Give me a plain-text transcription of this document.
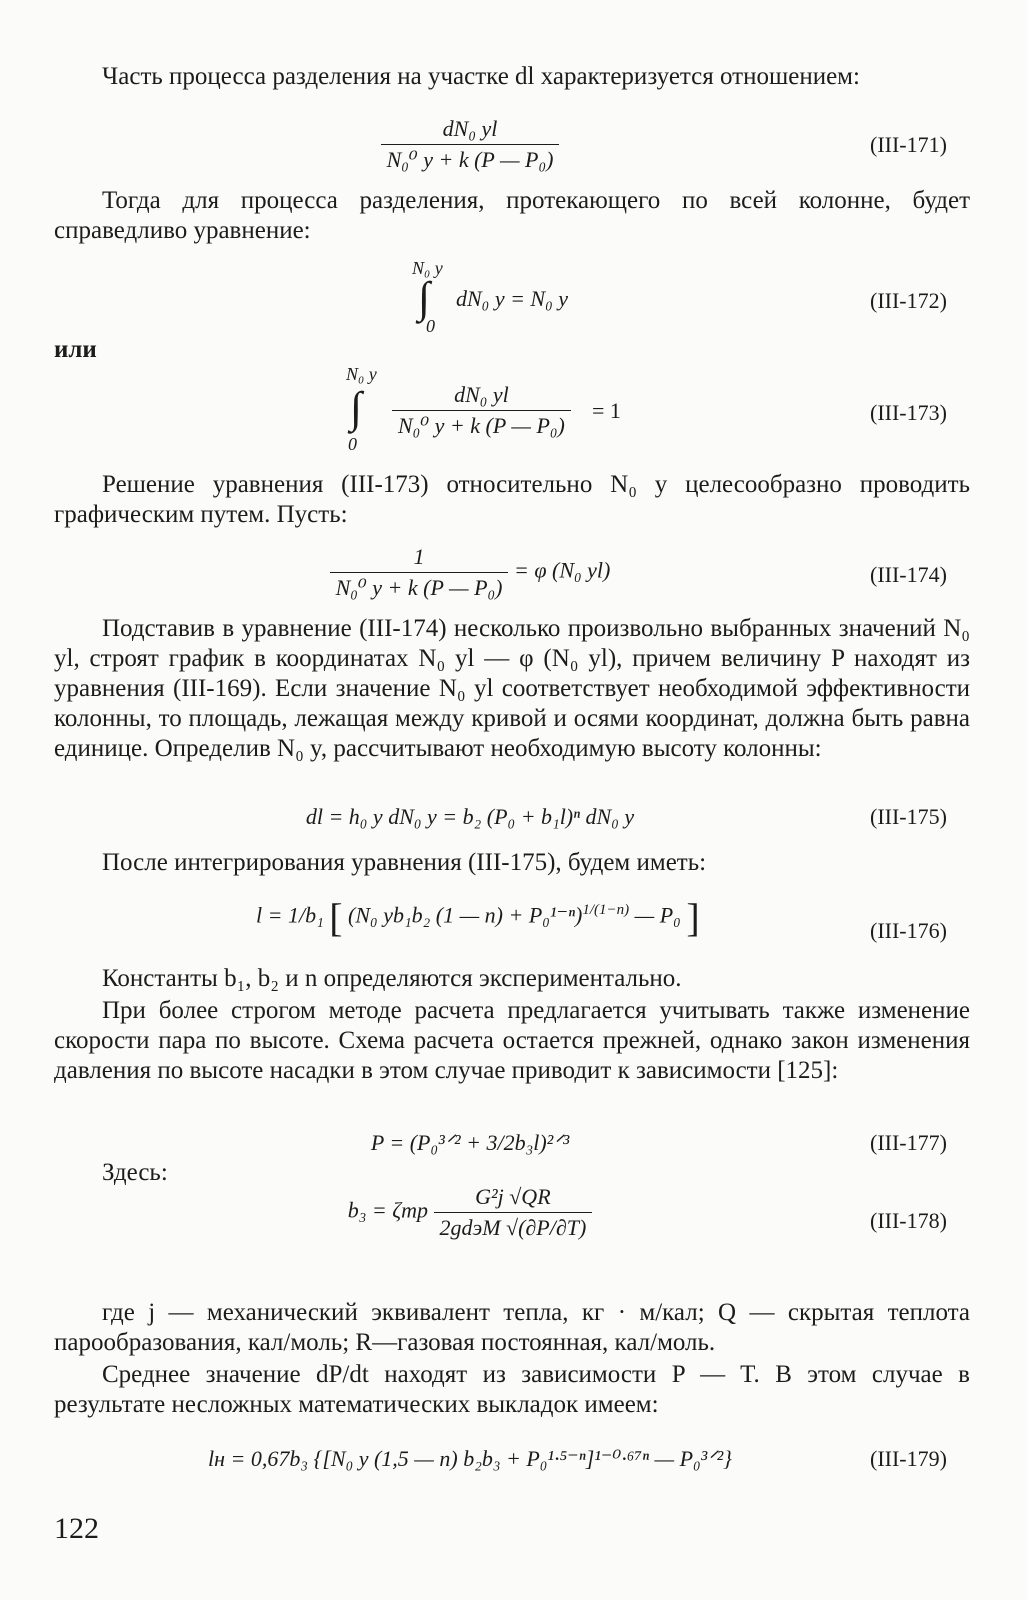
Часть процесса разделения на участке dl характеризуется отношением:

$\frac{\text{dN₀ yl}}{\text{N₀⁰ y + k (P — P₀)}}$	(III-171)

Тогда для процесса разделения, протекающего по всей колонне, будет справедливо уравнение:

N₀ y
∫
0
dN₀ y = N₀ y	(III-172)
или
N₀ y
∫
0
$\frac{\text{dN₀ yl}}{\text{N₀⁰ y + k (P — P₀)}} = 1$	(III-173)

Решение уравнения (III-173) относительно N₀ y целесообразно проводить графическим путем. Пусть:

$\frac{1}{\text{N₀⁰ y + k (P — P₀)}} = \varphi$ (N₀ yl)	(III-174)

Подставив в уравнение (III-174) несколько произвольно выбранных значений N₀ yl, строят график в координатах N₀ yl — φ (N₀ yl), причем величину P находят из уравнения (III-169). Если значение N₀ yl соответствует необходимой эффективности колонны, то площадь, лежащая между кривой и осями координат, должна быть равна единице. Определив N₀ y, рассчитывают необходимую высоту колонны:

dl = h₀ y dN₀ y = b₂ (P₀ + b₁l)ⁿ dN₀ y	(III-175)

После интегрирования уравнения (III-175), будем иметь:

l = 1/b₁ [ (N₀ yb₁b₂ (1 — n) + P₀¹⁻ⁿ)$^{1/(1-n)}$ — P₀ ]	(III-176)

Константы b₁, b₂ и n определяются экспериментально.

При более строгом методе расчета предлагается учитывать также изменение скорости пара по высоте. Схема расчета остается прежней, однако закон изменения давления по высоте насадки в этом случае приводит к зависимости [125]:

P = (P₀³ᐟ² + 3/2b₃l)²ᐟ³	(III-177)

Здесь:

b₃ = ζтр $\frac{\text{G²j √QR}}{\text{2gdэM √(∂P/∂T)}}$	(III-178)

где j — механический эквивалент тепла, кг · м/кал; Q — скрытая теплота парообразования, кал/моль; R—газовая постоянная, кал/моль.

Среднее значение dP/dt находят из зависимости P — T. В этом случае в результате несложных математических выкладок имеем:

lн = 0,67b₃ {[N₀ y (1,5 — n) b₂b₃ + P₀¹·⁵⁻ⁿ]¹⁻⁰·⁶⁷ⁿ — P₀³ᐟ²}	(III-179)
122
